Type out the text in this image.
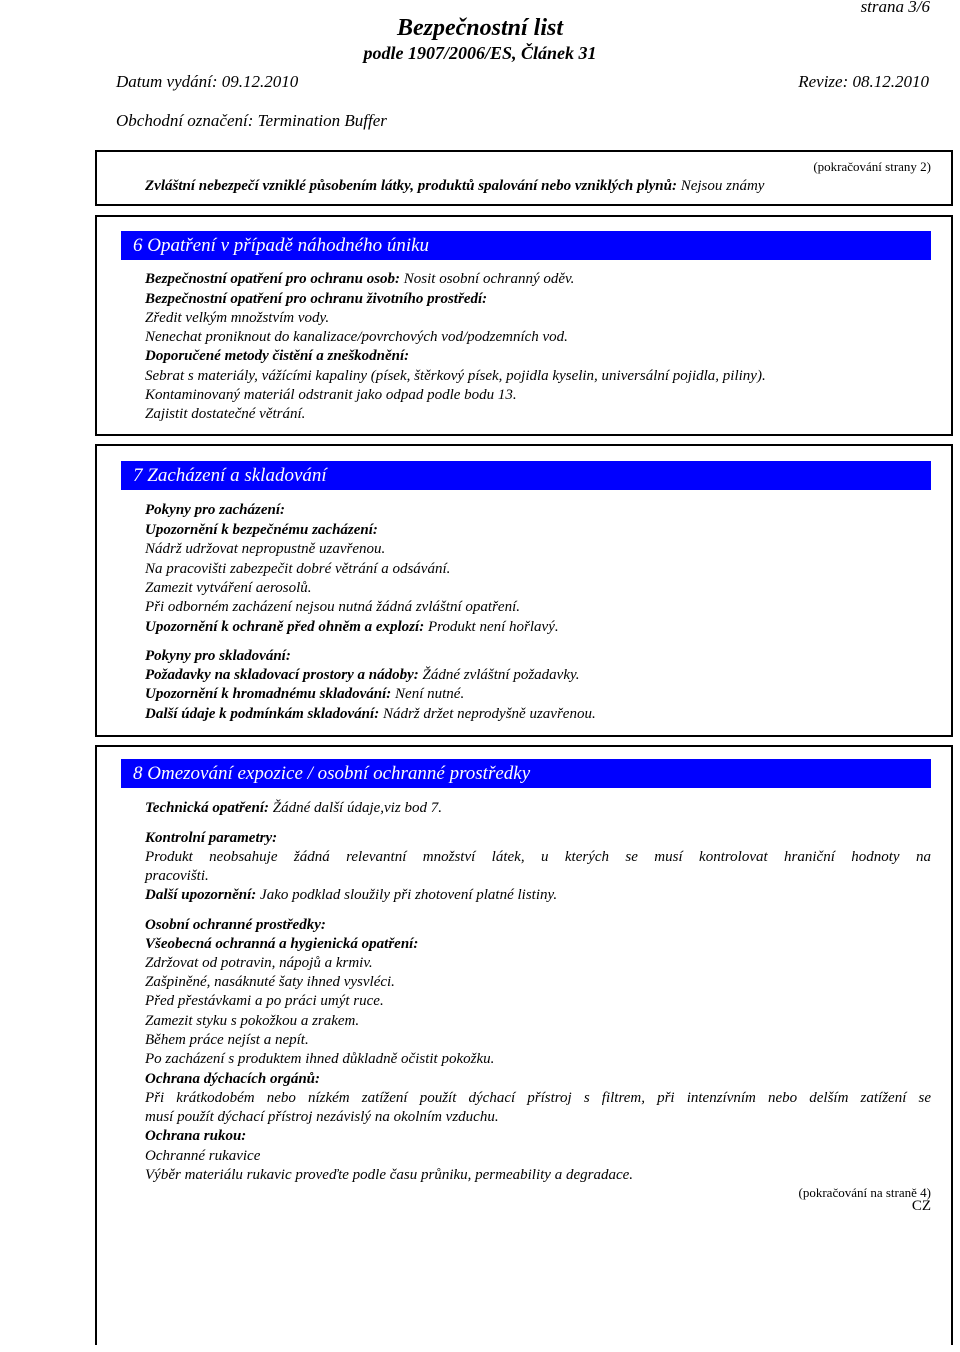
strana 3/6
Bezpečnostní list
podle 1907/2006/ES, Článek 31
Datum vydání: 09.12.2010	Revize: 08.12.2010
Obchodní označení: Termination Buffer
(pokračování strany 2)
Zvláštní nebezpečí vzniklé působením látky, produktů spalování nebo vzniklých plynů: Nejsou známy
6 Opatření v případě náhodného úniku
Bezpečnostní opatření pro ochranu osob: Nosit osobní ochranný oděv.
Bezpečnostní opatření pro ochranu životního prostředí:
Zředit velkým množstvím vody.
Nenechat proniknout do kanalizace/povrchových vod/podzemních vod.
Doporučené metody čistění a zneškodnění:
Sebrat s materiály, vážícími kapaliny (písek, štěrkový písek, pojidla kyselin, universální pojidla, piliny).
Kontaminovaný materiál odstranit jako odpad podle bodu 13.
Zajistit dostatečné větrání.
7 Zacházení a skladování
Pokyny pro zacházení:
Upozornění k bezpečnému zacházení:
Nádrž udržovat nepropustně uzavřenou.
Na pracovišti zabezpečit dobré větrání a odsávání.
Zamezit vytváření aerosolů.
Při odborném zacházení nejsou nutná žádná zvláštní opatření.
Upozornění k ochraně před ohněm a explozí: Produkt není hořlavý.
Pokyny pro skladování:
Požadavky na skladovací prostory a nádoby: Žádné zvláštní požadavky.
Upozornění k hromadnému skladování: Není nutné.
Další údaje k podmínkám skladování: Nádrž držet neprodyšně uzavřenou.
8 Omezování expozice / osobní ochranné prostředky
Technická opatření: Žádné další údaje,viz bod 7.
Kontrolní parametry:
Produkt neobsahuje žádná relevantní množství látek, u kterých se musí kontrolovat hraniční hodnoty na
pracovišti.
Další upozornění: Jako podklad sloužily při zhotovení platné listiny.
Osobní ochranné prostředky:
Všeobecná ochranná a hygienická opatření:
Zdržovat od potravin, nápojů a krmiv.
Zašpiněné, nasáknuté šaty ihned vysvléci.
Před přestávkami a po práci umýt ruce.
Zamezit styku s pokožkou a zrakem.
Během práce nejíst a nepít.
Po zacházení s produktem ihned důkladně očistit pokožku.
Ochrana dýchacích orgánů:
Při krátkodobém nebo nízkém zatížení použít dýchací přístroj s filtrem, při intenzívním nebo delším zatížení se
musí použít dýchací přístroj nezávislý na okolním vzduchu.
Ochrana rukou:
Ochranné rukavice
Výběr materiálu rukavic proveďte podle času průniku, permeability a degradace.
(pokračování na straně 4)
CZ
